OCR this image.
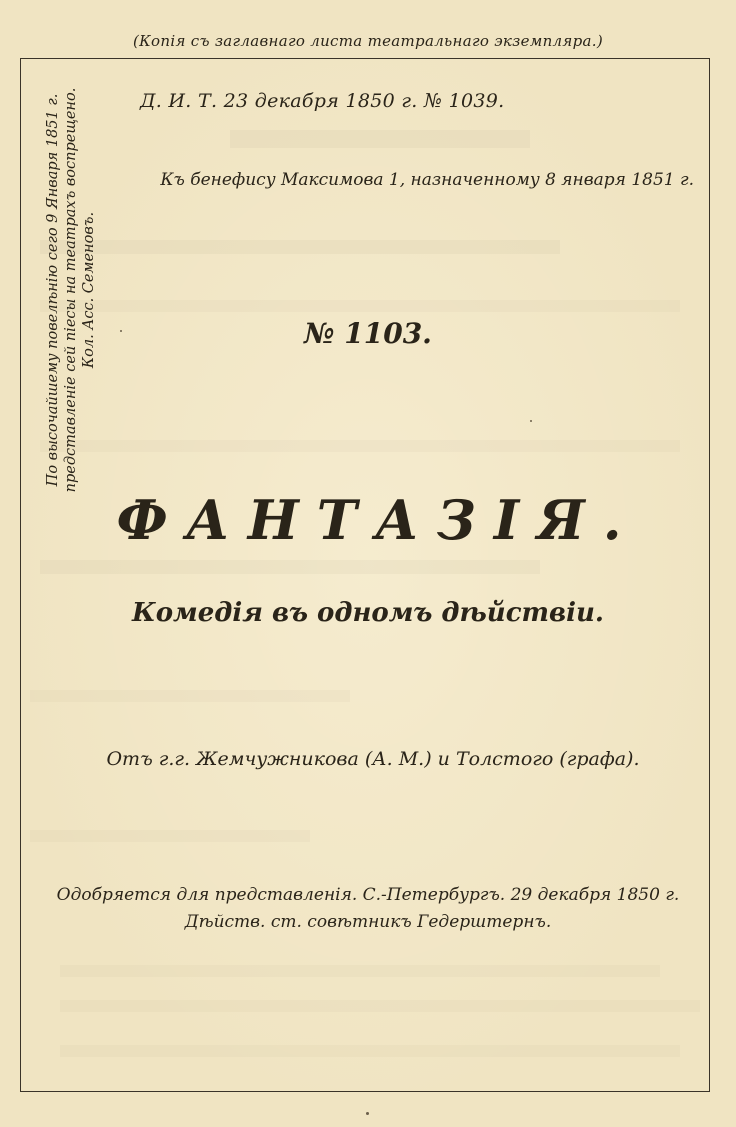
(Копія съ заглавнаго листа театральнаго экземпляра.)
По высочайшему повелѣнію сего 9 Января 1851 г. представленіе сей піесы на театрахъ воспрещено. Кол. Асс. Семеновъ.
Д. И. Т. 23 декабря 1850 г. № 1039.
Къ бенефису Максимова 1, назначенному 8 января 1851 г.
№ 1103.
ФАНТАЗІЯ.
Комедія въ одномъ дѣйствіи.
Отъ г.г. Жемчужникова (А. М.) и Толстого (графа).
Одобряется для представленія. С.-Петербургъ. 29 декабря 1850 г.
Дѣйств. ст. совѣтникъ Гедерштернъ.
